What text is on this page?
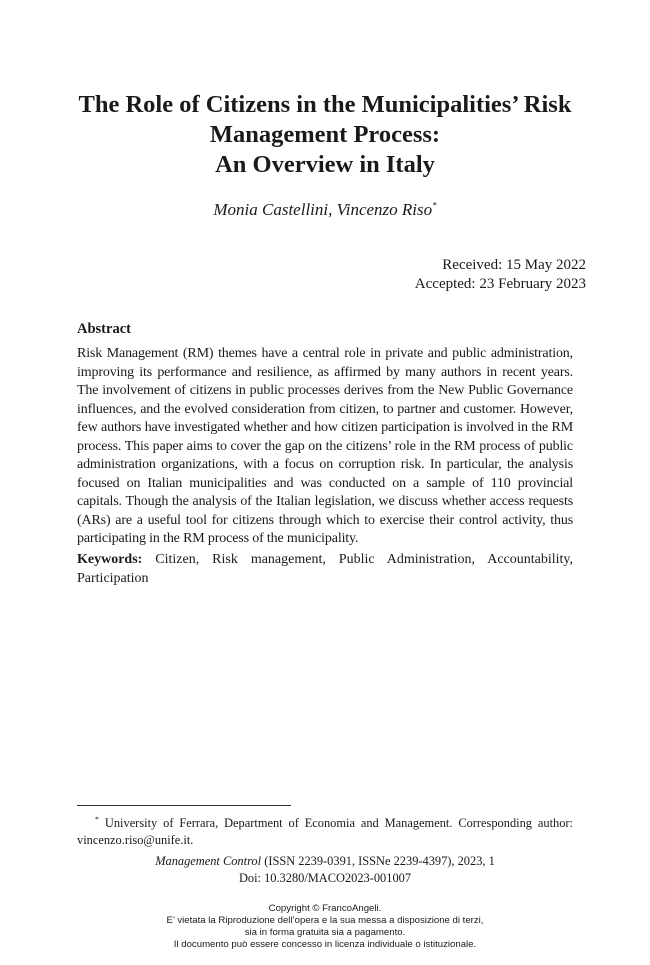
The Role of Citizens in the Municipalities’ Risk
Management Process:
An Overview in Italy
Monia Castellini, Vincenzo Riso*
Received: 15 May 2022
Accepted: 23 February 2023
Abstract
Risk Management (RM) themes have a central role in private and public administration, improving its performance and resilience, as affirmed by many authors in recent years. The involvement of citizens in public processes derives from the New Public Governance influences, and the evolved consideration from citizen, to partner and customer. However, few authors have investigated whether and how citizen participation is involved in the RM process. This paper aims to cover the gap on the citizens’ role in the RM process of public administration organizations, with a focus on corruption risk. In particular, the analysis focused on Italian municipalities and was conducted on a sample of 110 provincial capitals. Though the analysis of the Italian legislation, we discuss whether access requests (ARs) are a useful tool for citizens through which to exercise their control activity, thus participating in the RM process of the municipality.
Keywords: Citizen, Risk management, Public Administration, Accountability, Participation
* University of Ferrara, Department of Economia and Management. Corresponding author: vincenzo.riso@unife.it.
Management Control (ISSN 2239-0391, ISSNe 2239-4397), 2023, 1
Doi: 10.3280/MACO2023-001007
Copyright © FrancoAngeli.
E’ vietata la Riproduzione dell’opera e la sua messa a disposizione di terzi,
sia in forma gratuita sia a pagamento.
Il documento può essere concesso in licenza individuale o istituzionale.
